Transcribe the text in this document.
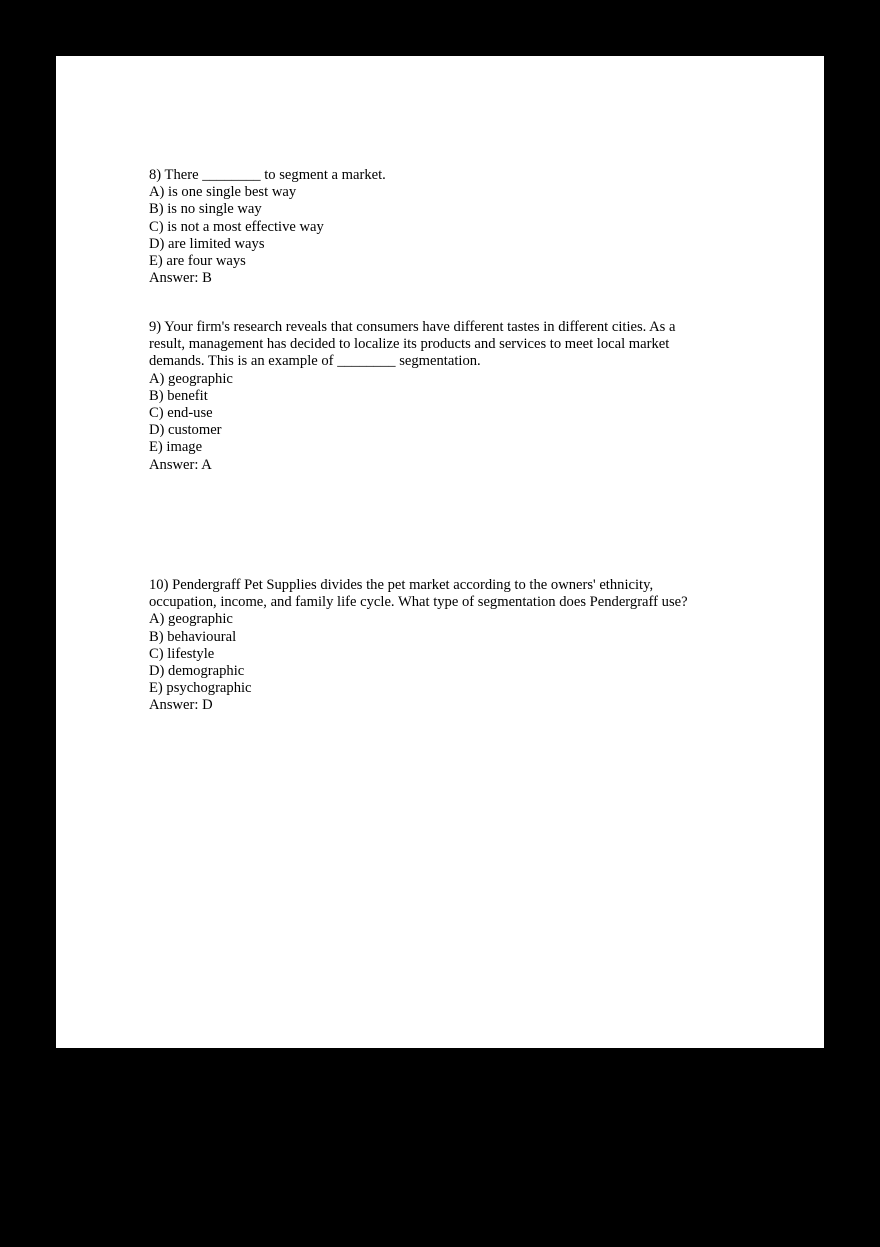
8) There ________ to segment a market.
A) is one single best way
B) is no single way
C) is not a most effective way
D) are limited ways
E) are four ways
Answer: B
9) Your firm's research reveals that consumers have different tastes in different cities. As a
result, management has decided to localize its products and services to meet local market
demands. This is an example of ________ segmentation.
A) geographic
B) benefit
C) end-use
D) customer
E) image
Answer: A
10) Pendergraff Pet Supplies divides the pet market according to the owners' ethnicity,
occupation, income, and family life cycle. What type of segmentation does Pendergraff use?
A) geographic
B) behavioural
C) lifestyle
D) demographic
E) psychographic
Answer: D
